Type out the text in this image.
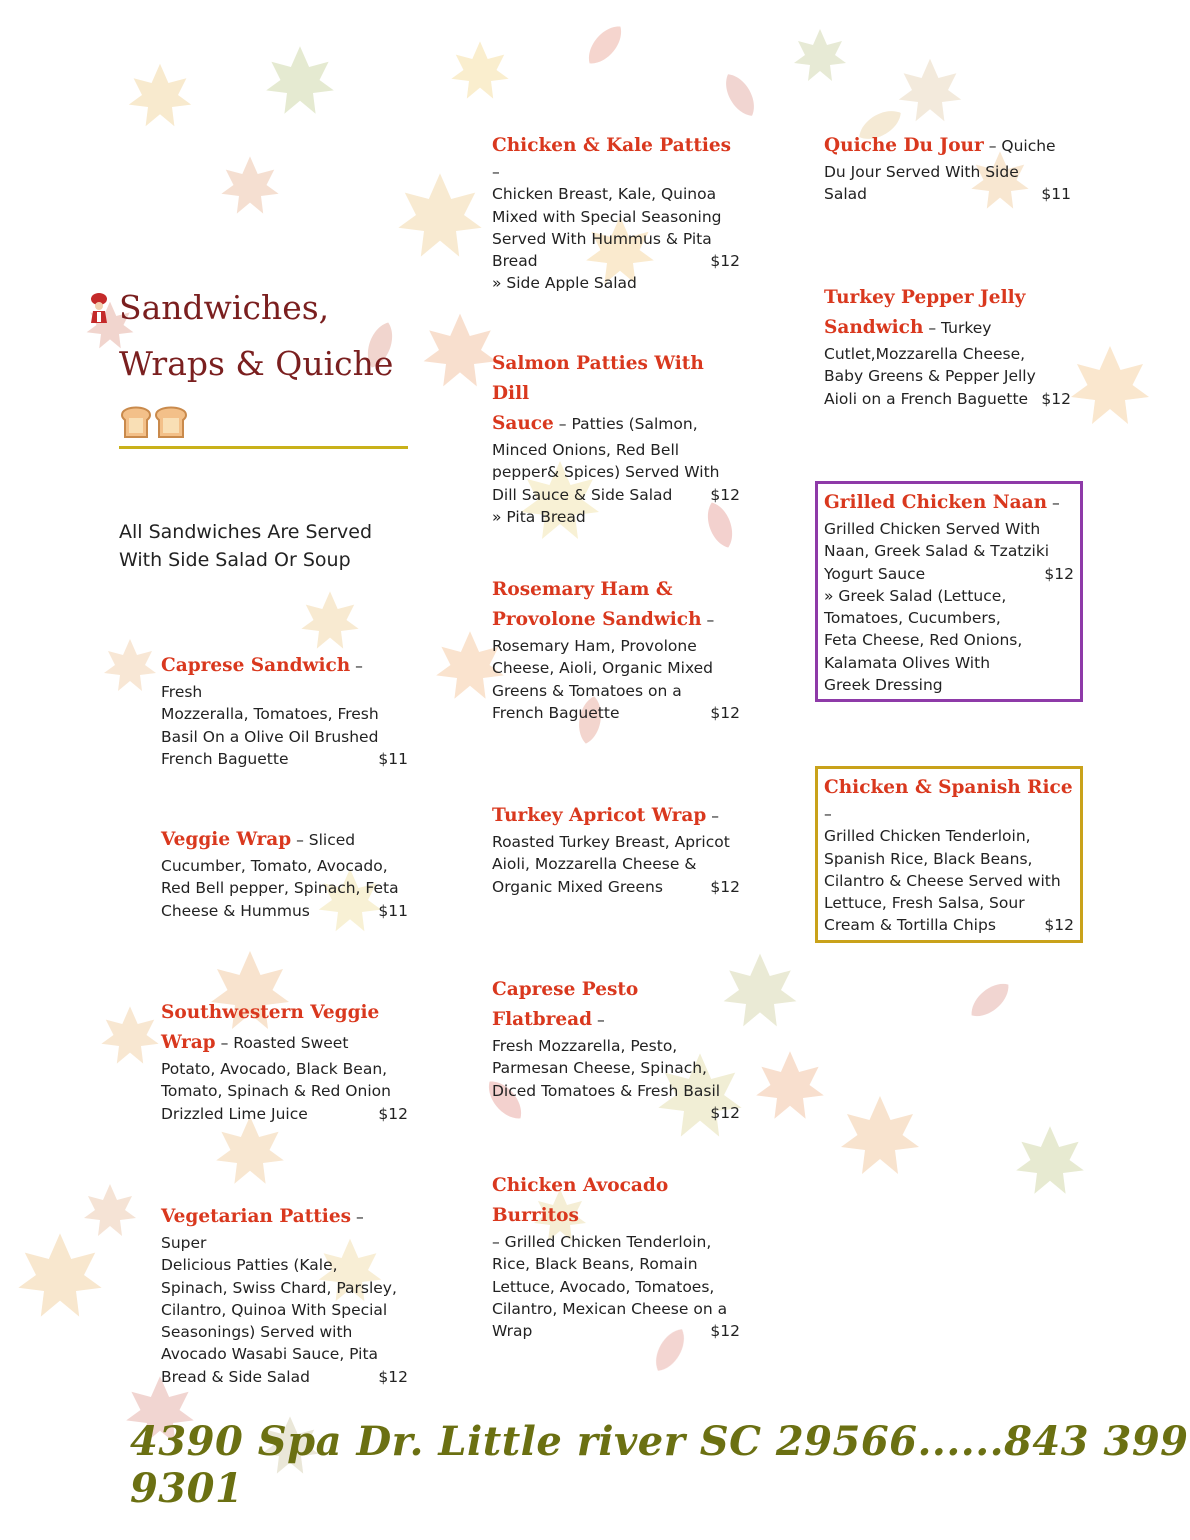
Sandwiches,
Wraps & Quiche
All Sandwiches Are Served
With Side Salad Or Soup
Caprese Sandwich – Fresh
Mozzeralla, Tomatoes, Fresh
Basil On a Olive Oil Brushed
French Baguette	$11
Veggie Wrap – Sliced
Cucumber, Tomato, Avocado,
Red Bell pepper, Spinach, Feta
Cheese & Hummus	$11
Southwestern Veggie
Wrap – Roasted Sweet
Potato, Avocado, Black Bean,
Tomato, Spinach & Red Onion
Drizzled Lime Juice	$12
Vegetarian Patties – Super
Delicious Patties (Kale,
Spinach, Swiss Chard, Parsley,
Cilantro, Quinoa With Special
Seasonings) Served with
Avocado Wasabi Sauce, Pita
Bread & Side Salad	$12
Chicken & Kale Patties –
Chicken Breast, Kale, Quinoa
Mixed with Special Seasoning
Served With Hummus & Pita
Bread	$12
» Side Apple Salad
Salmon Patties With Dill
Sauce – Patties (Salmon,
Minced Onions, Red Bell
pepper& Spices) Served With
Dill Sauce & Side Salad $12
» Pita Bread
Rosemary Ham &
Provolone Sandwich –
Rosemary Ham, Provolone
Cheese, Aioli, Organic Mixed
Greens & Tomatoes on a
French Baguette	$12
Turkey Apricot Wrap –
Roasted Turkey Breast, Apricot
Aioli, Mozzarella Cheese &
Organic Mixed Greens	$12
Caprese Pesto Flatbread –
Fresh Mozzarella, Pesto,
Parmesan Cheese, Spinach,
Diced Tomatoes & Fresh Basil
$12

Chicken Avocado Burritos
– Grilled Chicken Tenderloin,
Rice, Black Beans, Romain
Lettuce, Avocado, Tomatoes,
Cilantro, Mexican Cheese on a
Wrap	$12
Quiche Du Jour – Quiche
Du Jour Served With Side
Salad	$11
Turkey Pepper Jelly
Sandwich – Turkey
Cutlet,Mozzarella Cheese,
Baby Greens & Pepper Jelly
Aioli on a French Baguette $12
Grilled Chicken Naan –
Grilled Chicken Served With
Naan, Greek Salad & Tzatziki
Yogurt Sauce	$12
» Greek Salad (Lettuce,
Tomatoes, Cucumbers,
Feta Cheese, Red Onions,
Kalamata Olives With
Greek Dressing
Chicken & Spanish Rice –
Grilled Chicken Tenderloin,
Spanish Rice, Black Beans,
Cilantro & Cheese Served with
Lettuce, Fresh Salsa, Sour
Cream & Tortilla Chips	$12
4390 Spa Dr. Little river SC 29566......843 399 9301
